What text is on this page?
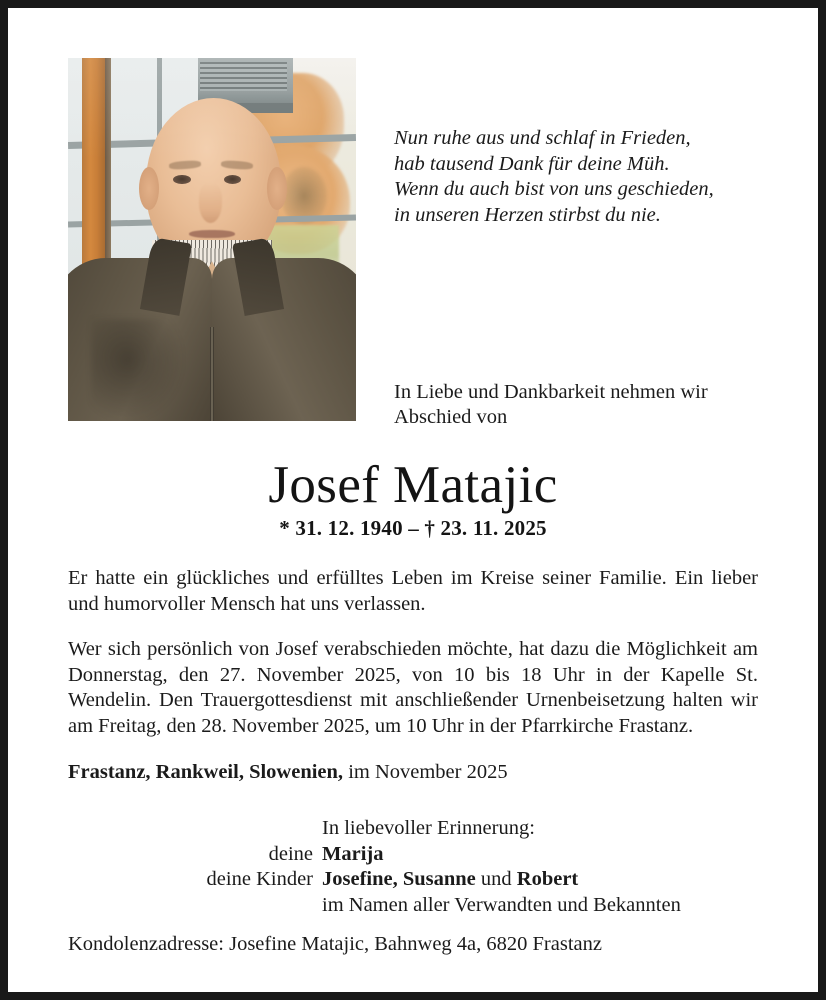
Nun ruhe aus und schlaf in Frieden,
hab tausend Dank für deine Müh.
Wenn du auch bist von uns geschieden,
in unseren Herzen stirbst du nie.
In Liebe und Dankbarkeit nehmen wir Abschied von
Josef Matajic
* 31. 12. 1940 – † 23. 11. 2025

Er hatte ein glückliches und erfülltes Leben im Kreise seiner Familie. Ein lieber und humorvoller Mensch hat uns verlassen.

Wer sich persönlich von Josef verabschieden möchte, hat dazu die Möglichkeit am Donnerstag, den 27. November 2025, von 10 bis 18 Uhr in der Kapelle St. Wendelin. Den Trauergottesdienst mit anschließender Urnenbeisetzung halten wir am Freitag, den 28. November 2025, um 10 Uhr in der Pfarrkirche Frastanz.

Frastanz, Rankweil, Slowenien, im November 2025

In liebevoller Erinnerung:
deine Marija
deine Kinder Josefine, Susanne und Robert
im Namen aller Verwandten und Bekannten
Kondolenzadresse: Josefine Matajic, Bahnweg 4a, 6820 Frastanz
